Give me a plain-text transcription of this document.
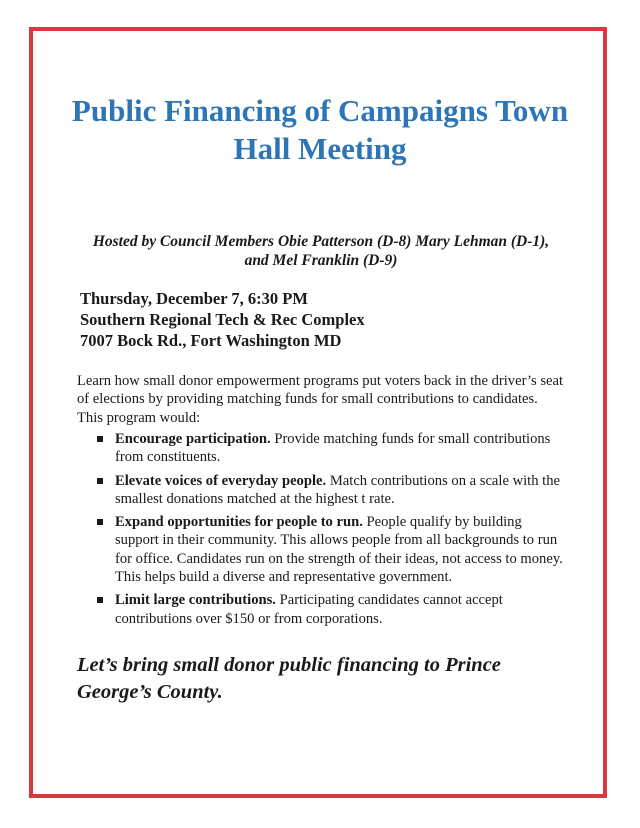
Public Financing of Campaigns Town Hall Meeting

Hosted by Council Members Obie Patterson (D-8) Mary Lehman (D-1), and Mel Franklin (D-9)

Thursday, December 7, 6:30 PM
Southern Regional Tech & Rec Complex
7007 Bock Rd., Fort Washington MD

Learn how small donor empowerment programs put voters back in the driver’s seat of elections by providing matching funds for small contributions to candidates. This program would:

Encourage participation. Provide matching funds for small contributions from constituents.
Elevate voices of everyday people. Match contributions on a scale with the smallest donations matched at the highest t rate.
Expand opportunities for people to run. People qualify by building support in their community. This allows people from all backgrounds to run for office. Candidates run on the strength of their ideas, not access to money. This helps build a diverse and representative government.
Limit large contributions. Participating candidates cannot accept contributions over $150 or from corporations.

Let’s bring small donor public financing to Prince George’s County.
